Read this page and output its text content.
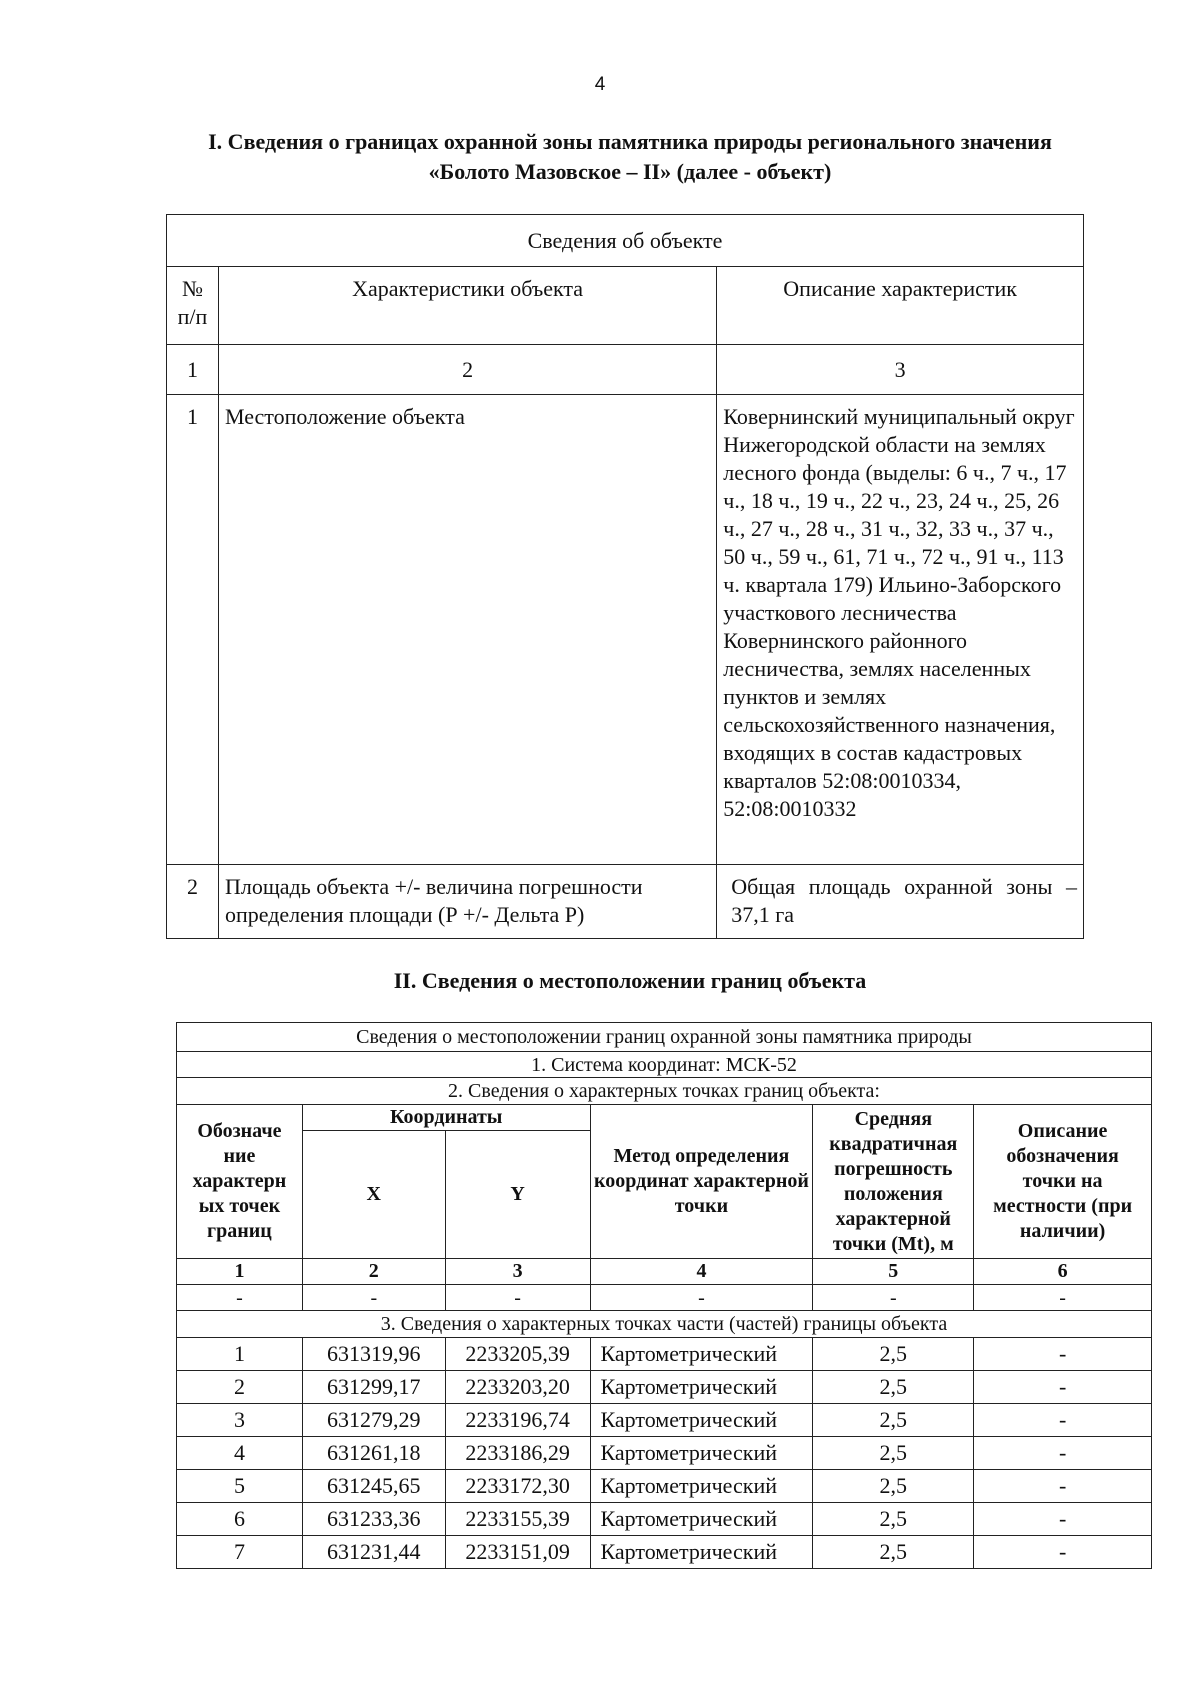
4
I. Сведения о границах охранной зоны памятника природы регионального значения
«Болото Мазовское – II» (далее - объект)
Сведения об объекте		
№ п/п	Характеристики объекта	Описание характеристик
1	2	3
1	Местоположение объекта	Ковернинский муниципальный округ Нижегородской области на землях лесного фонда (выделы: 6 ч., 7 ч., 17 ч., 18 ч., 19 ч., 22 ч., 23, 24 ч., 25, 26 ч., 27 ч., 28 ч., 31 ч., 32, 33 ч., 37 ч., 50 ч., 59 ч., 61, 71 ч., 72 ч., 91 ч., 113 ч. квартала 179) Ильино-Заборского участкового лесничества Ковернинского районного лесничества, землях населенных пунктов и землях сельскохозяйственного назначения, входящих в состав кадастровых кварталов 52:08:0010334, 52:08:0010332
2	Площадь объекта +/- величина погрешности определения площади (Р +/- Дельта Р)	Общая площадь охранной зоны – 37,1 га
II. Сведения о местоположении границ объекта
Сведения о местоположении границ охранной зоны памятника природы					
1. Система координат: МСК-52					
2. Сведения о характерных точках границ объекта:					
Обозначе ние характерн ых точек границ	Координаты		Метод определения координат характерной точки	Средняя квадратичная погрешность положения характерной точки (Mt), м	Описание обозначения точки на местности (при наличии)
	X	Y			
1	2	3	4	5	6
-	-	-	-	-	-
3. Сведения о характерных точках части (частей) границы объекта					
1	631319,96	2233205,39	Картометрический	2,5	-
2	631299,17	2233203,20	Картометрический	2,5	-
3	631279,29	2233196,74	Картометрический	2,5	-
4	631261,18	2233186,29	Картометрический	2,5	-
5	631245,65	2233172,30	Картометрический	2,5	-
6	631233,36	2233155,39	Картометрический	2,5	-
7	631231,44	2233151,09	Картометрический	2,5	-
